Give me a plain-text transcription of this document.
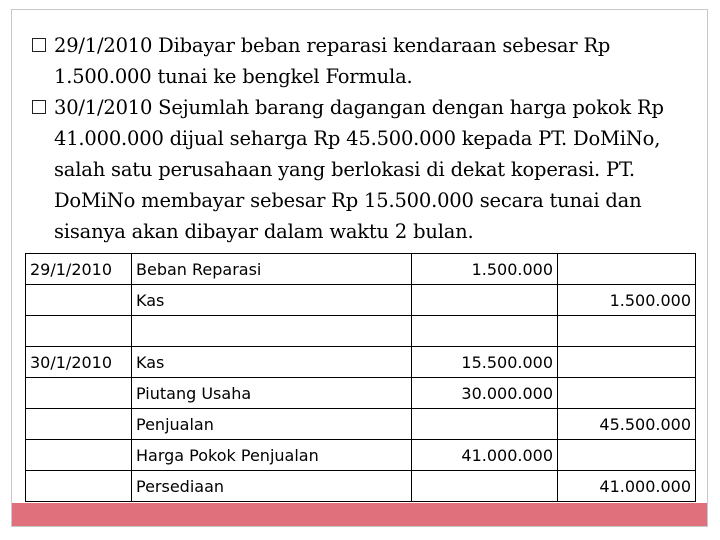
29/1/2010 Dibayar beban reparasi kendaraan sebesar Rp 1.500.000 tunai ke bengkel Formula.
30/1/2010 Sejumlah barang dagangan dengan harga pokok Rp 41.000.000 dijual seharga Rp 45.500.000 kepada PT. DoMiNo, salah satu perusahaan yang berlokasi di dekat koperasi. PT. DoMiNo membayar sebesar Rp 15.500.000 secara tunai dan sisanya akan dibayar dalam waktu 2 bulan.
29/1/2010	Beban Reparasi	1.500.000	
	Kas		1.500.000

30/1/2010	Kas	15.500.000	
	Piutang Usaha	30.000.000	
	Penjualan		45.500.000
	Harga Pokok Penjualan	41.000.000	
	Persediaan		41.000.000
